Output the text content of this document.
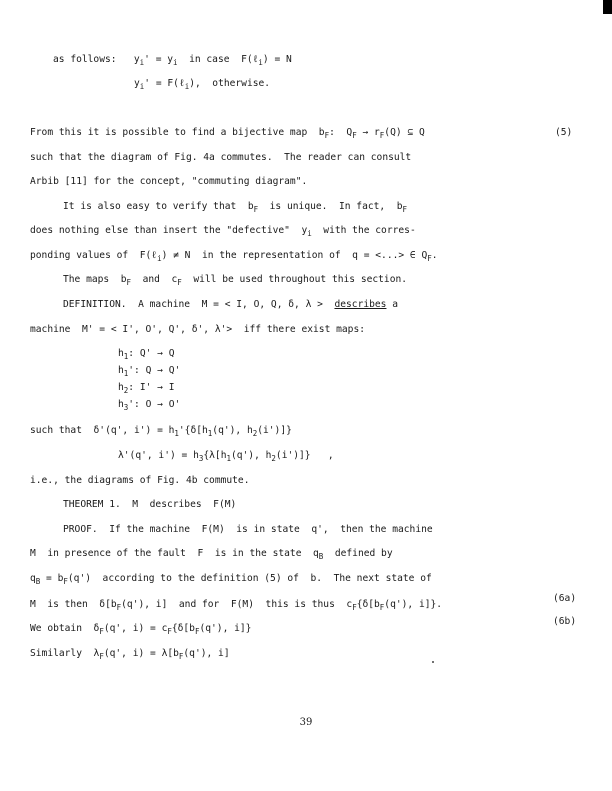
as follows:   $y_i' = y_i$  in case  F(ℓ$_i$) = N
$y_i'$ = F(ℓ$_i$),  otherwise.
From this it is possible to find a bijective map  $b_F$:  $Q_F \to r_F(Q)$ ⊆ Q
such that the diagram of Fig. 4a commutes.  The reader can consult
Arbib [11] for the concept, "commuting diagram".
It is also easy to verify that  $b_F$  is unique.  In fact,  $b_F$
does nothing else than insert the "defective"  $y_i$  with the corres-
ponding values of  F(ℓ$_i$) ≠ N  in the representation of  q = <...> ∈ $Q_F$.
The maps  $b_F$  and  $c_F$  will be used throughout this section.
DEFINITION.  A machine  M = < I, O, Q, δ, λ >  describes a
machine  M' = < I', O', Q', δ', λ'>  iff there exist maps:
$h_1$: Q' → Q
$h_1'$: Q → Q'
$h_2$: I' → I
$h_3'$: O → O'
such that  δ'(q', $i') = h_1'\{\delta[h_1(q')$, $h_2(i')$]}
λ'(q', $i') = h_3\{\lambda[h_1(q')$, $h_2(i')$]}   ,
i.e., the diagrams of Fig. 4b commute.
THEOREM 1.  M  describes  F(M)
PROOF.  If the machine  F(M)  is in state  q',  then the machine
M  in presence of the fault  F  is in the state  $q_B$  defined by
$q_B = b_F(q')$  according to the definition (5) of  b.  The next state of
M  is then  $\delta[b_F(q')$, i]  and for  F(M)  this is thus  $c_F\{\delta[b_F(q')$, i]}.
We obtain  $\delta_F(q'$, $i) = c_F\{\delta[b_F(q')$, i]}
Similarly  $\lambda_F(q'$, $i) = \lambda[b_F(q')$, i]
(5)
(6a)
(6b)
39
